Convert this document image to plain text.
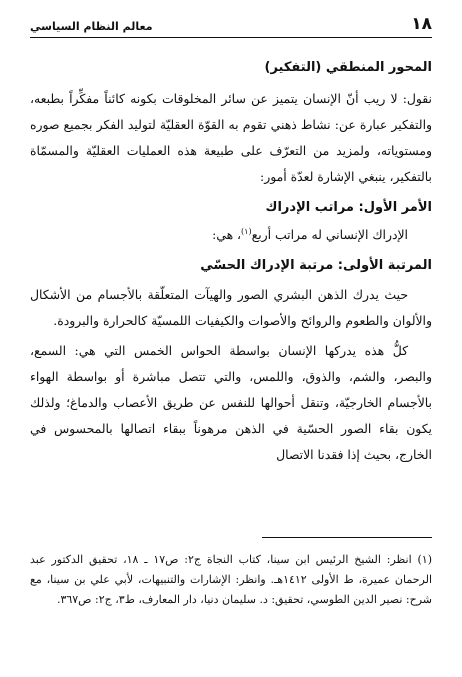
١٨
معالم النظام السياسي
المحور المنطقي (التفكير)

نقول: لا ريب أنّ الإنسان يتميز عن سائر المخلوقات بكونه كائناً مفكِّراً بطبعه، والتفكير عبارة عن: نشاط ذهني تقوم به القوّة العقليّة لتوليد الفكر بجميع صوره ومستوياته، ولمزيد من التعرّف على طبيعة هذه العمليات العقليّة والمسمّاة بالتفكير، ينبغي الإشارة لعدّة أمور:

الأمر الأول: مراتب الإدراك

الإدراك الإنساني له مراتب أربع$^{(١)}$، هي:

المرتبة الأولى: مرتبة الإدراك الحسّي

حيث يدرك الذهن البشري الصور والهيآت المتعلّقة بالأجسام من الأشكال والألوان والطعوم والروائح والأصوات والكيفيات اللمسيّة كالحرارة والبرودة.

كلُّ هذه يدركها الإنسان بواسطة الحواس الخمس التي هي: السمع، والبصر، والشم، والذوق، واللمس، والتي تتصل مباشرة أو بواسطة الهواء بالأجسام الخارجيّة، وتنقل أحوالها للنفس عن طريق الأعصاب والدماغ؛ ولذلك يكون بقاء الصور الحسّية في الذهن مرهوناً ببقاء اتصالها بالمحسوس في الخارج، بحيث إذا فقدنا الاتصال

(١) انظر: الشيخ الرئيس ابن سينا، كتاب النجاة ج٢: ص١٧ ـ ١٨، تحقيق الدكتور عبد الرحمان عميرة، ط الأولى ١٤١٢هـ. وانظر: الإشارات والتنبيهات، لأبي علي بن سينا، مع شرح: نصير الدين الطوسي، تحقيق: د. سليمان دنيا، دار المعارف، ط٣، ج٢: ص٣٦٧.
